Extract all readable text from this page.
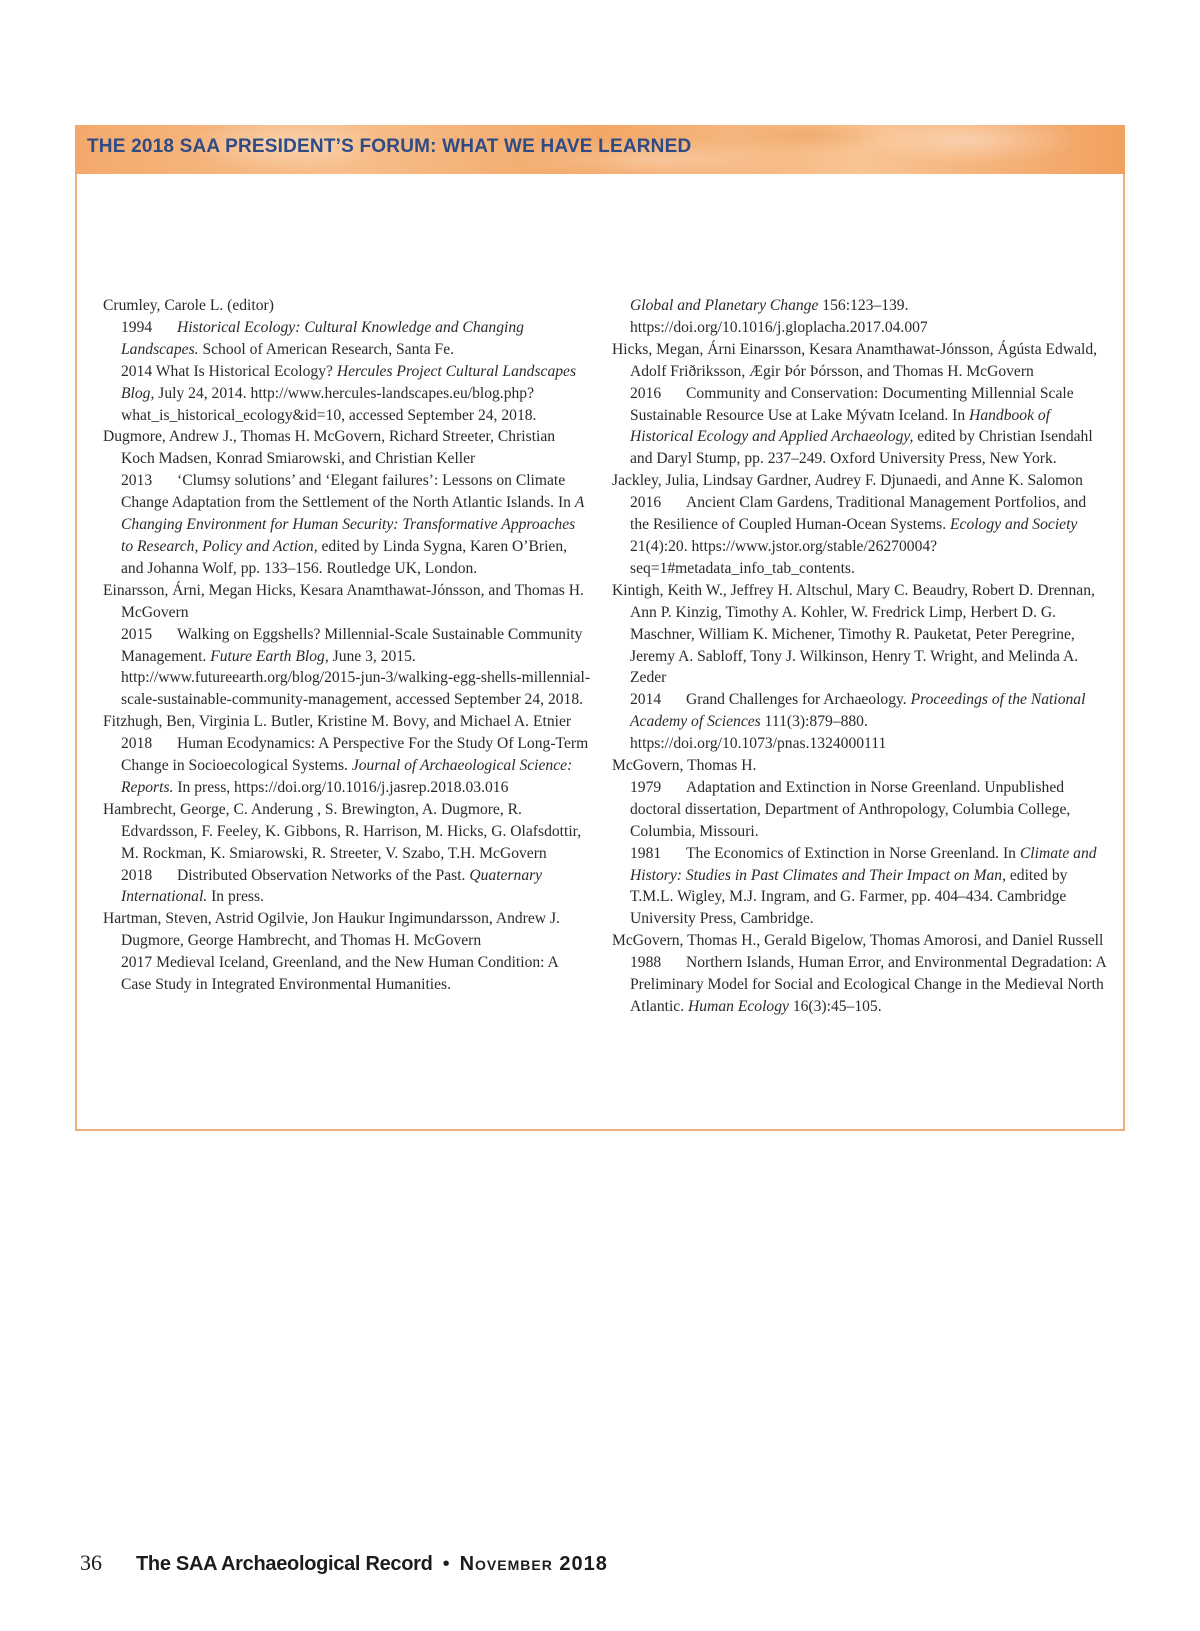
THE 2018 SAA PRESIDENT’S FORUM: WHAT WE HAVE LEARNED
Crumley, Carole L. (editor)
1994 Historical Ecology: Cultural Knowledge and Changing Landscapes. School of American Research, Santa Fe.
2014 What Is Historical Ecology? Hercules Project Cultural Landscapes Blog, July 24, 2014. http://www.hercules-landscapes.eu/blog.php?what_is_historical_ecology&id=10, accessed September 24, 2018.
Dugmore, Andrew J., Thomas H. McGovern, Richard Streeter, Christian Koch Madsen, Konrad Smiarowski, and Christian Keller
2013 ‘Clumsy solutions’ and ‘Elegant failures’: Lessons on Climate Change Adaptation from the Settlement of the North Atlantic Islands. In A Changing Environment for Human Security: Transformative Approaches to Research, Policy and Action, edited by Linda Sygna, Karen O’Brien, and Johanna Wolf, pp. 133–156. Routledge UK, London.
Einarsson, Árni, Megan Hicks, Kesara Anamthawat-Jónsson, and Thomas H. McGovern
2015 Walking on Eggshells? Millennial-Scale Sustainable Community Management. Future Earth Blog, June 3, 2015. http://www.futureearth.org/blog/2015-jun-3/walking-egg-shells-millennial-scale-sustainable-community-management, accessed September 24, 2018.
Fitzhugh, Ben, Virginia L. Butler, Kristine M. Bovy, and Michael A. Etnier
2018 Human Ecodynamics: A Perspective For the Study Of Long-Term Change in Socioecological Systems. Journal of Archaeological Science: Reports. In press, https://doi.org/10.1016/j.jasrep.2018.03.016
Hambrecht, George, C. Anderung , S. Brewington, A. Dugmore, R. Edvardsson, F. Feeley, K. Gibbons, R. Harrison, M. Hicks, G. Olafsdottir, M. Rockman, K. Smiarowski, R. Streeter, V. Szabo, T.H. McGovern
2018 Distributed Observation Networks of the Past. Quaternary International. In press.
Hartman, Steven, Astrid Ogilvie, Jon Haukur Ingimundarsson, Andrew J. Dugmore, George Hambrecht, and Thomas H. McGovern
2017 Medieval Iceland, Greenland, and the New Human Condition: A Case Study in Integrated Environmental Humanities.
Global and Planetary Change 156:123–139. https://doi.org/10.1016/j.gloplacha.2017.04.007
Hicks, Megan, Árni Einarsson, Kesara Anamthawat-Jónsson, Ágústa Edwald, Adolf Friðriksson, Ægir Þór Þórsson, and Thomas H. McGovern
2016 Community and Conservation: Documenting Millennial Scale Sustainable Resource Use at Lake Mývatn Iceland. In Handbook of Historical Ecology and Applied Archaeology, edited by Christian Isendahl and Daryl Stump, pp. 237–249. Oxford University Press, New York.
Jackley, Julia, Lindsay Gardner, Audrey F. Djunaedi, and Anne K. Salomon
2016 Ancient Clam Gardens, Traditional Management Portfolios, and the Resilience of Coupled Human-Ocean Systems. Ecology and Society 21(4):20. https://www.jstor.org/stable/26270004?seq=1#metadata_info_tab_contents.
Kintigh, Keith W., Jeffrey H. Altschul, Mary C. Beaudry, Robert D. Drennan, Ann P. Kinzig, Timothy A. Kohler, W. Fredrick Limp, Herbert D. G. Maschner, William K. Michener, Timothy R. Pauketat, Peter Peregrine, Jeremy A. Sabloff, Tony J. Wilkinson, Henry T. Wright, and Melinda A. Zeder
2014 Grand Challenges for Archaeology. Proceedings of the National Academy of Sciences 111(3):879–880. https://doi.org/10.1073/pnas.1324000111
McGovern, Thomas H.
1979 Adaptation and Extinction in Norse Greenland. Unpublished doctoral dissertation, Department of Anthropology, Columbia College, Columbia, Missouri.
1981 The Economics of Extinction in Norse Greenland. In Climate and History: Studies in Past Climates and Their Impact on Man, edited by T.M.L. Wigley, M.J. Ingram, and G. Farmer, pp. 404–434. Cambridge University Press, Cambridge.
McGovern, Thomas H., Gerald Bigelow, Thomas Amorosi, and Daniel Russell
1988 Northern Islands, Human Error, and Environmental Degradation: A Preliminary Model for Social and Ecological Change in the Medieval North Atlantic. Human Ecology 16(3):45–105.
36 The SAA Archaeological Record • November 2018
